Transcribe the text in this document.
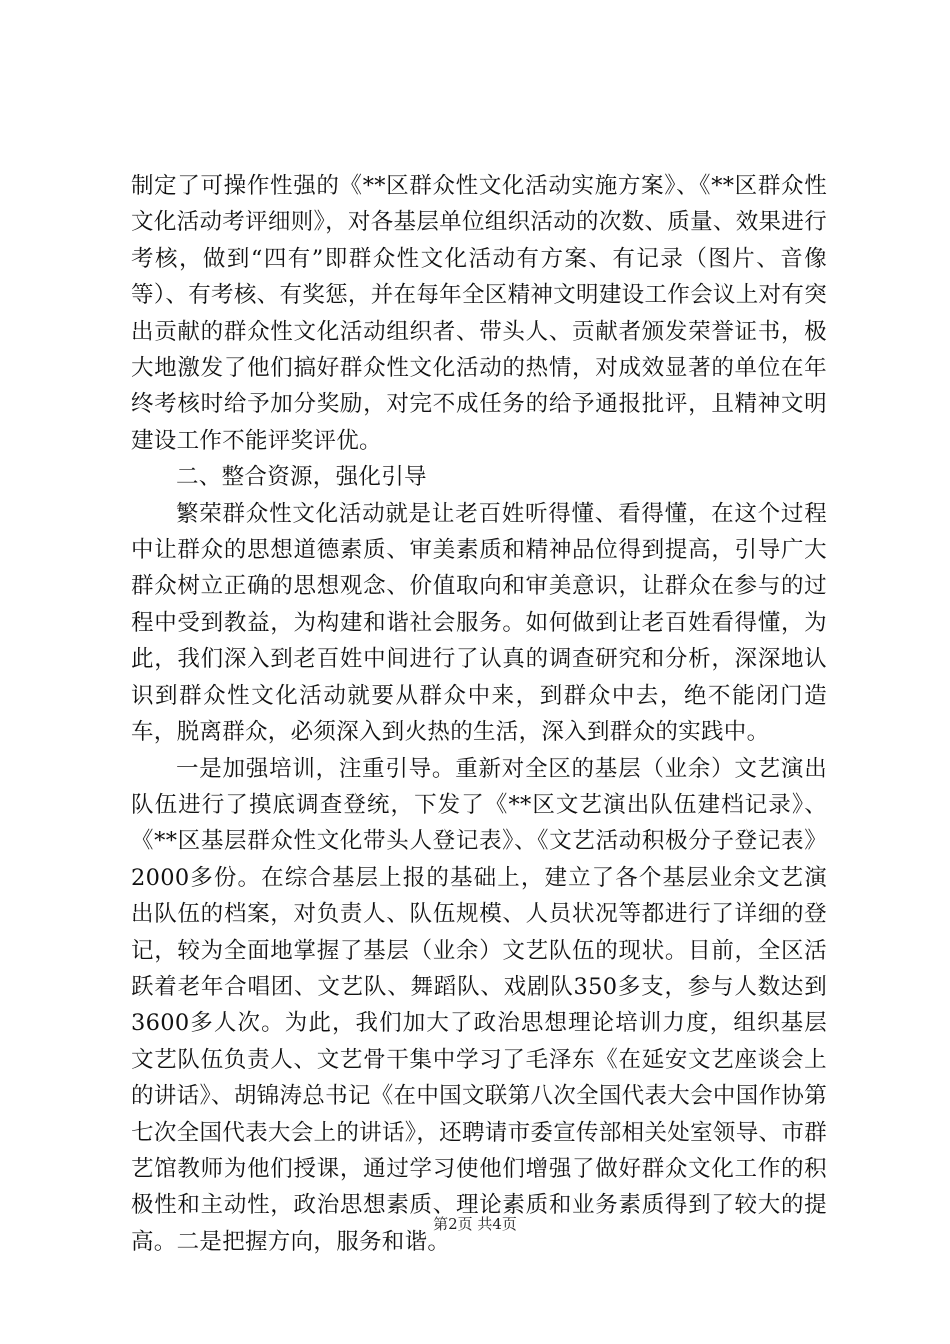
制定了可操作性强的《**区群众性文化活动实施方案》、《**区群众性文化活动考评细则》，对各基层单位组织活动的次数、质量、效果进行考核，做到“四有”即群众性文化活动有方案、有记录（图片、音像等）、有考核、有奖惩，并在每年全区精神文明建设工作会议上对有突出贡献的群众性文化活动组织者、带头人、贡献者颁发荣誉证书，极大地激发了他们搞好群众性文化活动的热情，对成效显著的单位在年终考核时给予加分奖励，对完不成任务的给予通报批评，且精神文明建设工作不能评奖评优。

二、整合资源，强化引导

繁荣群众性文化活动就是让老百姓听得懂、看得懂，在这个过程中让群众的思想道德素质、审美素质和精神品位得到提高，引导广大群众树立正确的思想观念、价值取向和审美意识，让群众在参与的过程中受到教益，为构建和谐社会服务。如何做到让老百姓看得懂，为此，我们深入到老百姓中间进行了认真的调查研究和分析，深深地认识到群众性文化活动就要从群众中来，到群众中去，绝不能闭门造车，脱离群众，必须深入到火热的生活，深入到群众的实践中。

一是加强培训，注重引导。重新对全区的基层（业余）文艺演出队伍进行了摸底调查登统，下发了《**区文艺演出队伍建档记录》、《**区基层群众性文化带头人登记表》、《文艺活动积极分子登记表》2000多份。在综合基层上报的基础上，建立了各个基层业余文艺演出队伍的档案，对负责人、队伍规模、人员状况等都进行了详细的登记，较为全面地掌握了基层（业余）文艺队伍的现状。目前，全区活跃着老年合唱团、文艺队、舞蹈队、戏剧队350多支，参与人数达到3600多人次。为此，我们加大了政治思想理论培训力度，组织基层文艺队伍负责人、文艺骨干集中学习了毛泽东《在延安文艺座谈会上的讲话》、胡锦涛总书记《在中国文联第八次全国代表大会中国作协第七次全国代表大会上的讲话》，还聘请市委宣传部相关处室领导、市群艺馆教师为他们授课，通过学习使他们增强了做好群众文化工作的积极性和主动性，政治思想素质、理论素质和业务素质得到了较大的提高。二是把握方向，服务和谐。

第2页 共4页
